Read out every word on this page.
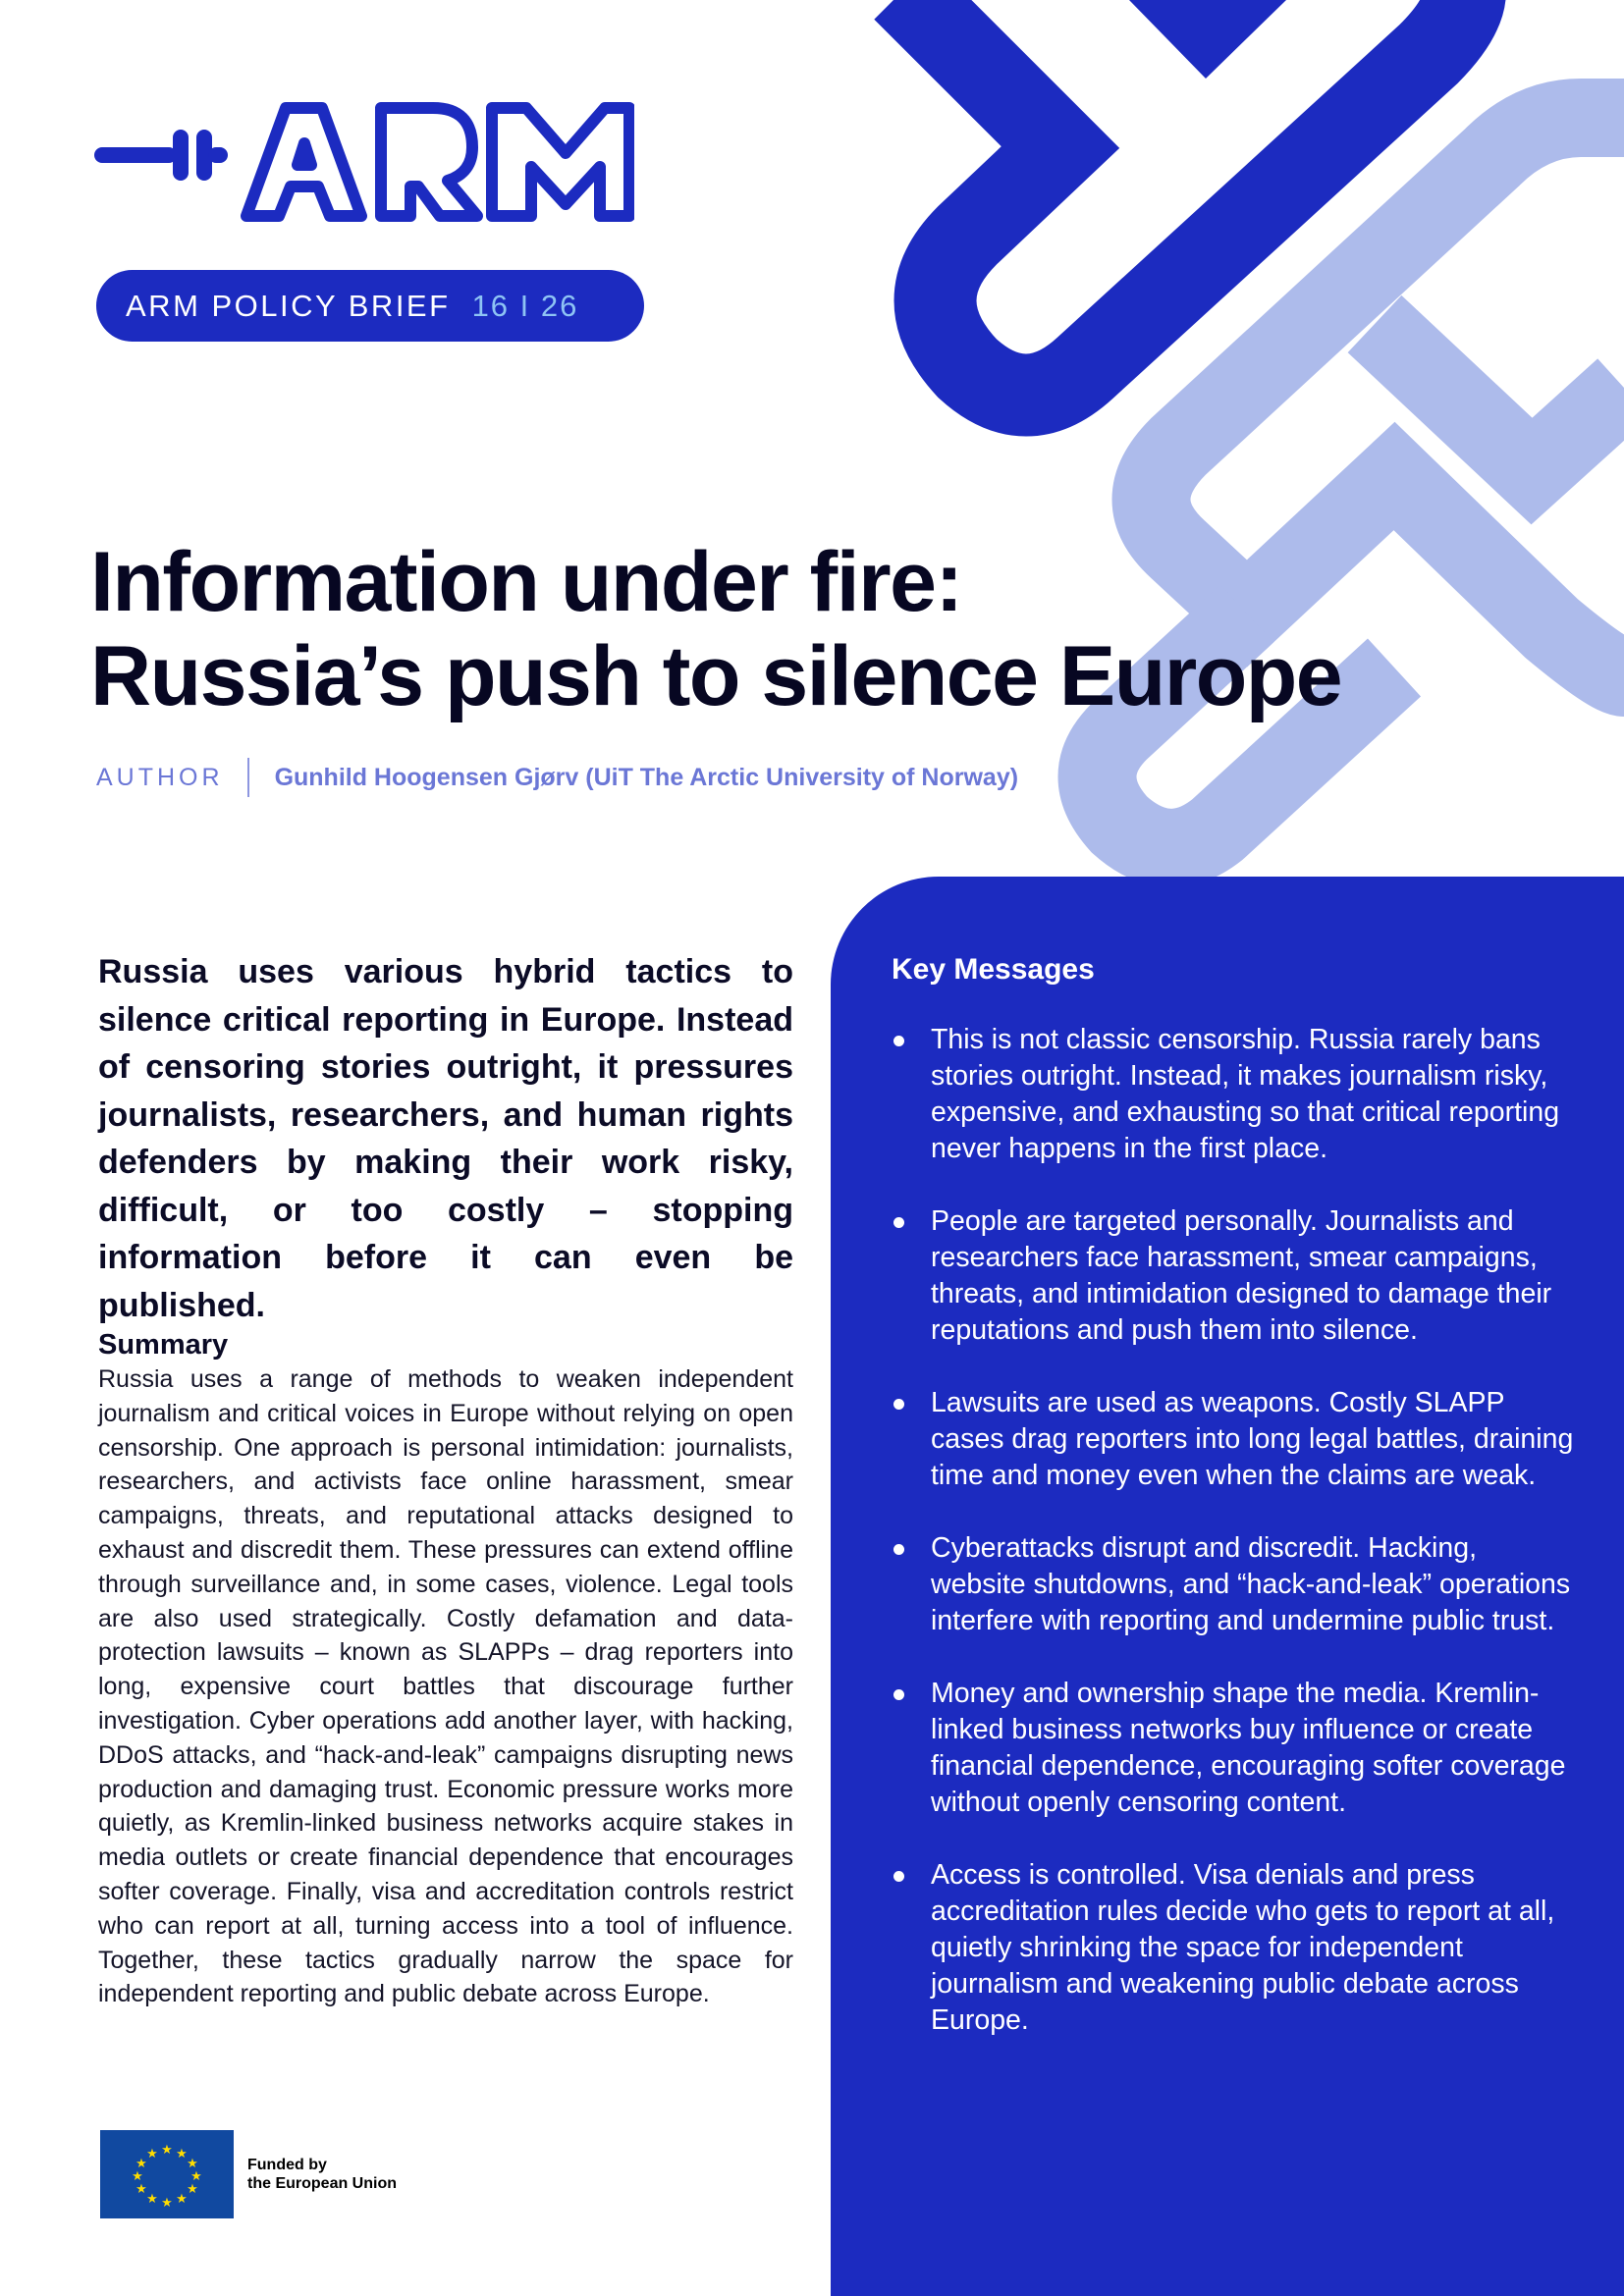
ARM POLICY BRIEF 16 I 26
Information under fire:
Russia’s push to silence Europe
AUTHOR Gunhild Hoogensen Gjørv (UiT The Arctic University of Norway)

Russia uses various hybrid tactics to silence critical reporting in Europe. Instead of censoring stories outright, it pressures journalists, researchers, and human rights defenders by making their work risky, difficult, or too costly – stopping information before it can even be published.

Summary

Russia uses a range of methods to weaken independent journalism and critical voices in Europe without relying on open censorship. One approach is personal intimidation: journalists, researchers, and activists face online harassment, smear campaigns, threats, and reputational attacks designed to exhaust and discredit them. These pressures can extend offline through surveillance and, in some cases, violence. Legal tools are also used strategically. Costly defamation and data-protection lawsuits – known as SLAPPs – drag reporters into long, expensive court battles that discourage further investigation. Cyber operations add another layer, with hacking, DDoS attacks, and “hack-and-leak” campaigns disrupting news production and damaging trust. Economic pressure works more quietly, as Kremlin-linked business networks acquire stakes in media outlets or create financial dependence that encourages softer coverage. Finally, visa and accreditation controls restrict who can report at all, turning access into a tool of influence. Together, these tactics gradually narrow the space for independent reporting and public debate across Europe.

★ ★
★
★
★
★
★
★
★
★
★
★
Funded by
the European Union
Key Messages
This is not classic censorship. Russia rarely bans stories outright. Instead, it makes journalism risky, expensive, and exhausting so that critical reporting never happens in the first place.
People are targeted personally. Journalists and researchers face harassment, smear campaigns, threats, and intimidation designed to damage their reputations and push them into silence.
Lawsuits are used as weapons. Costly SLAPP cases drag reporters into long legal battles, draining time and money even when the claims are weak.
Cyberattacks disrupt and discredit. Hacking, website shutdowns, and “hack-and-leak” operations interfere with reporting and undermine public trust.
Money and ownership shape the media. Kremlin-linked business networks buy influence or create financial dependence, encouraging softer coverage without openly censoring content.
Access is controlled. Visa denials and press accreditation rules decide who gets to report at all, quietly shrinking the space for independent journalism and weakening public debate across Europe.
